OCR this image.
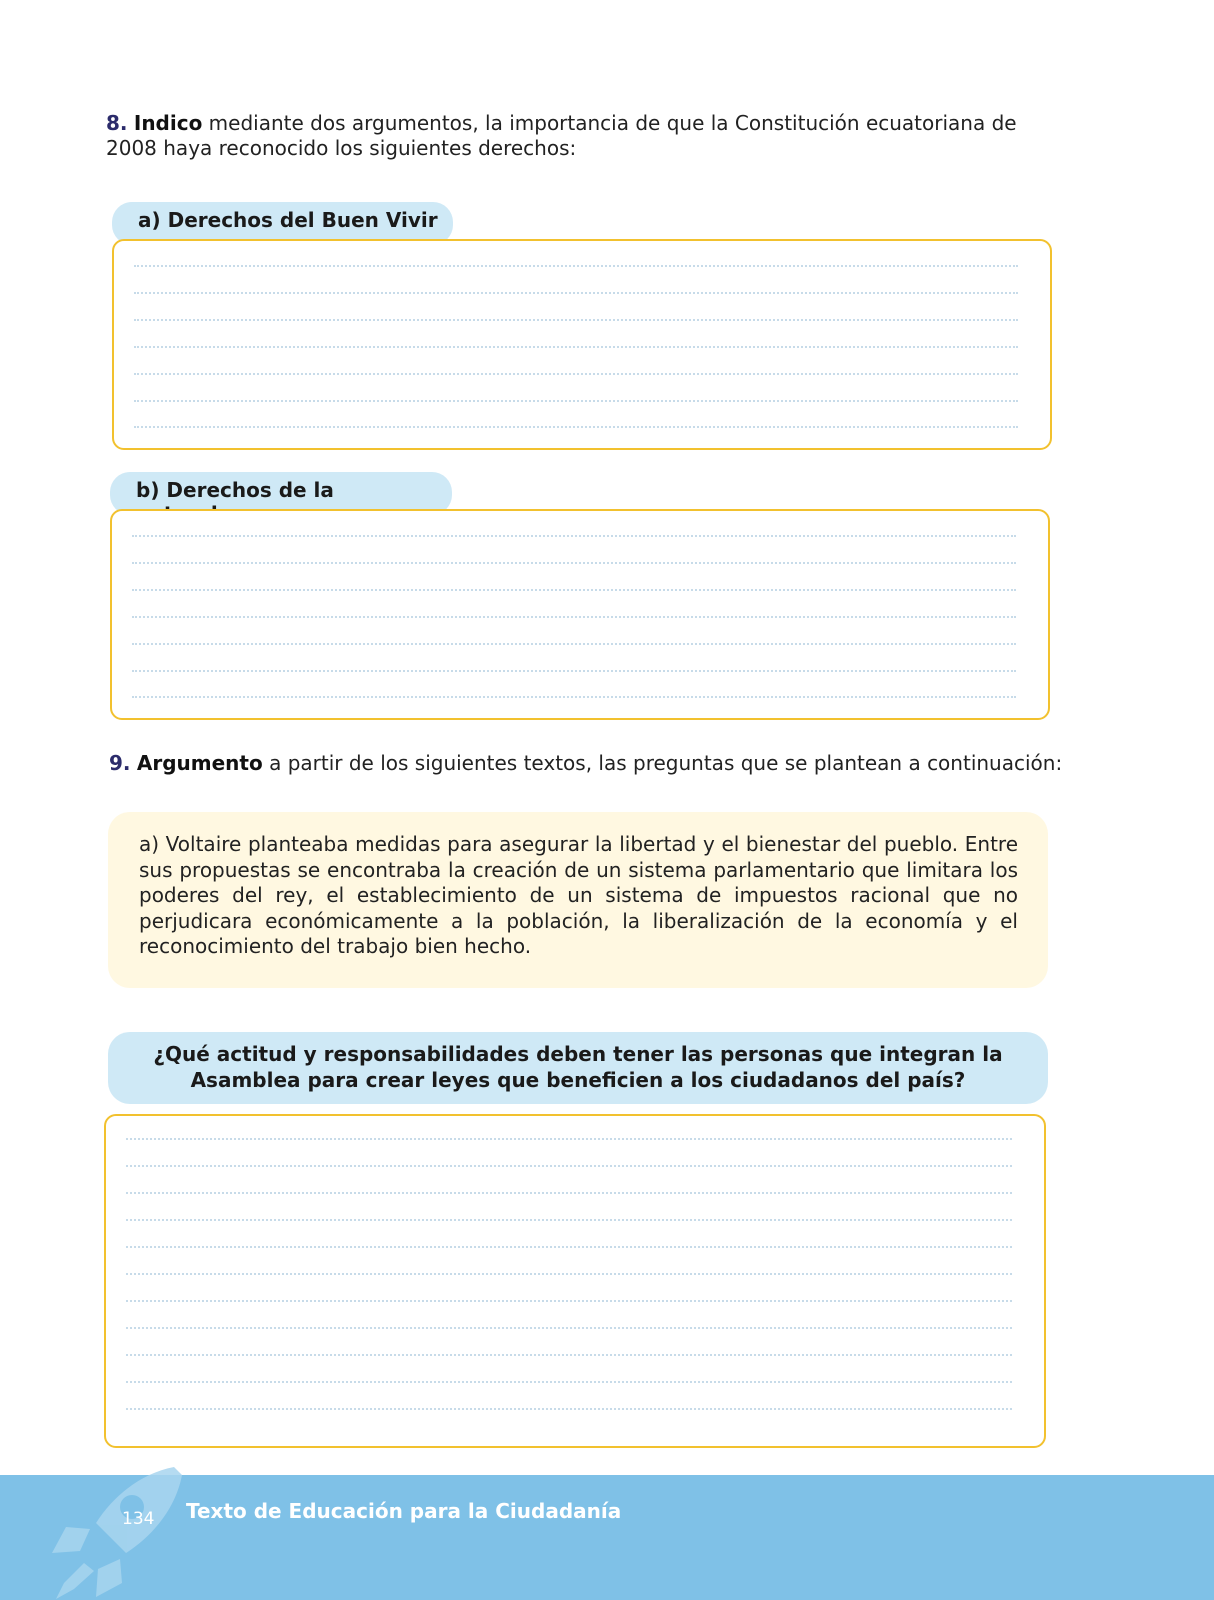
8. Indico mediante dos argumentos, la importancia de que la Constitución ecuatoriana de 2008 haya reconocido los siguientes derechos:
a) Derechos del Buen Vivir
b) Derechos de la
9. Argumento a partir de los siguientes textos, las preguntas que se plantean a continuación:
a) Voltaire planteaba medidas para asegurar la libertad y el bienestar del pueblo. Entre sus propuestas se encontraba la creación de un sistema parlamentario que limitara los poderes del rey, el establecimiento de un sistema de impuestos racional que no perjudicara económicamente a la población, la liberalización de la economía y el reconocimiento del trabajo bien hecho.
¿Qué actitud y responsabilidades deben tener las personas que integran la Asamblea para crear leyes que beneficien a los ciudadanos del país?
134 Texto de Educación para la Ciudadanía
